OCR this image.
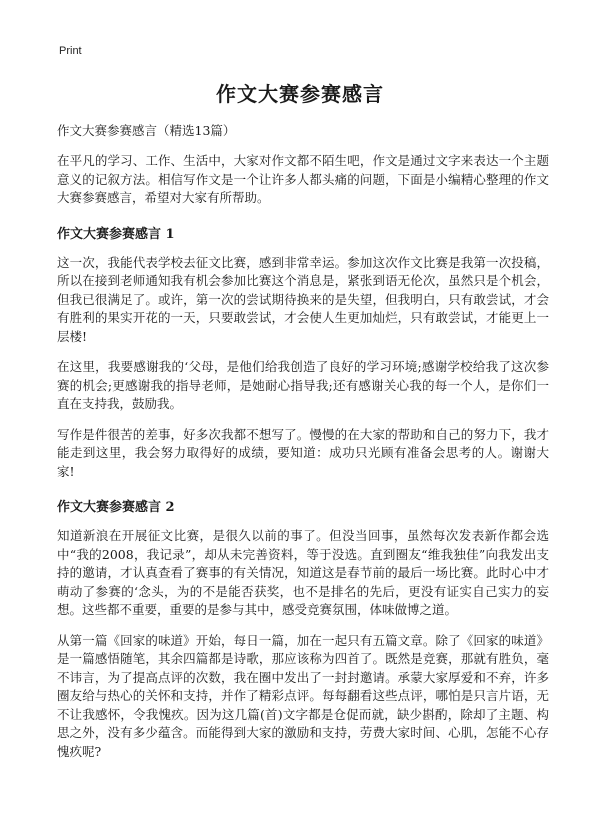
Print
作文大赛参赛感言
作文大赛参赛感言（精选13篇）

在平凡的学习、工作、生活中，大家对作文都不陌生吧，作文是通过文字来表达一个主题意义的记叙方法。相信写作文是一个让许多人都头痛的问题，下面是小编精心整理的作文大赛参赛感言，希望对大家有所帮助。

作文大赛参赛感言 1

这一次，我能代表学校去征文比赛，感到非常幸运。参加这次作文比赛是我第一次投稿，所以在接到老师通知我有机会参加比赛这个消息是，紧张到语无伦次，虽然只是个机会，但我已很满足了。或许，第一次的尝试期待换来的是失望，但我明白，只有敢尝试，才会有胜利的果实开花的一天，只要敢尝试，才会使人生更加灿烂，只有敢尝试，才能更上一层楼!

在这里，我要感谢我的‘父母，是他们给我创造了良好的学习环境;感谢学校给我了这次参赛的机会;更感谢我的指导老师，是她耐心指导我;还有感谢关心我的每一个人，是你们一直在支持我，鼓励我。

写作是件很苦的差事，好多次我都不想写了。慢慢的在大家的帮助和自己的努力下，我才能走到这里，我会努力取得好的成绩，要知道：成功只光顾有准备会思考的人。谢谢大家!

作文大赛参赛感言 2

知道新浪在开展征文比赛，是很久以前的事了。但没当回事，虽然每次发表新作都会选中“我的2008，我记录”，却从未完善资料，等于没选。直到圈友“维我独佳”向我发出支持的邀请，才认真查看了赛事的有关情况，知道这是春节前的最后一场比赛。此时心中才萌动了参赛的‘念头，为的不是能否获奖，也不是排名的先后，更没有证实自己实力的妄想。这些都不重要，重要的是参与其中，感受竞赛氛围，体味做博之道。

从第一篇《回家的味道》开始，每日一篇，加在一起只有五篇文章。除了《回家的味道》是一篇感悟随笔，其余四篇都是诗歌，那应该称为四首了。既然是竞赛，那就有胜负，毫不讳言，为了提高点评的次数，我在圈中发出了一封封邀请。承蒙大家厚爱和不弃，许多圈友给与热心的关怀和支持，并作了精彩点评。每每翻看这些点评，哪怕是只言片语，无不让我感怀，令我愧疚。因为这几篇(首)文字都是仓促而就，缺少斟酌，除却了主题、构思之外，没有多少蕴含。而能得到大家的激励和支持，劳费大家时间、心肌，怎能不心存愧疚呢?
